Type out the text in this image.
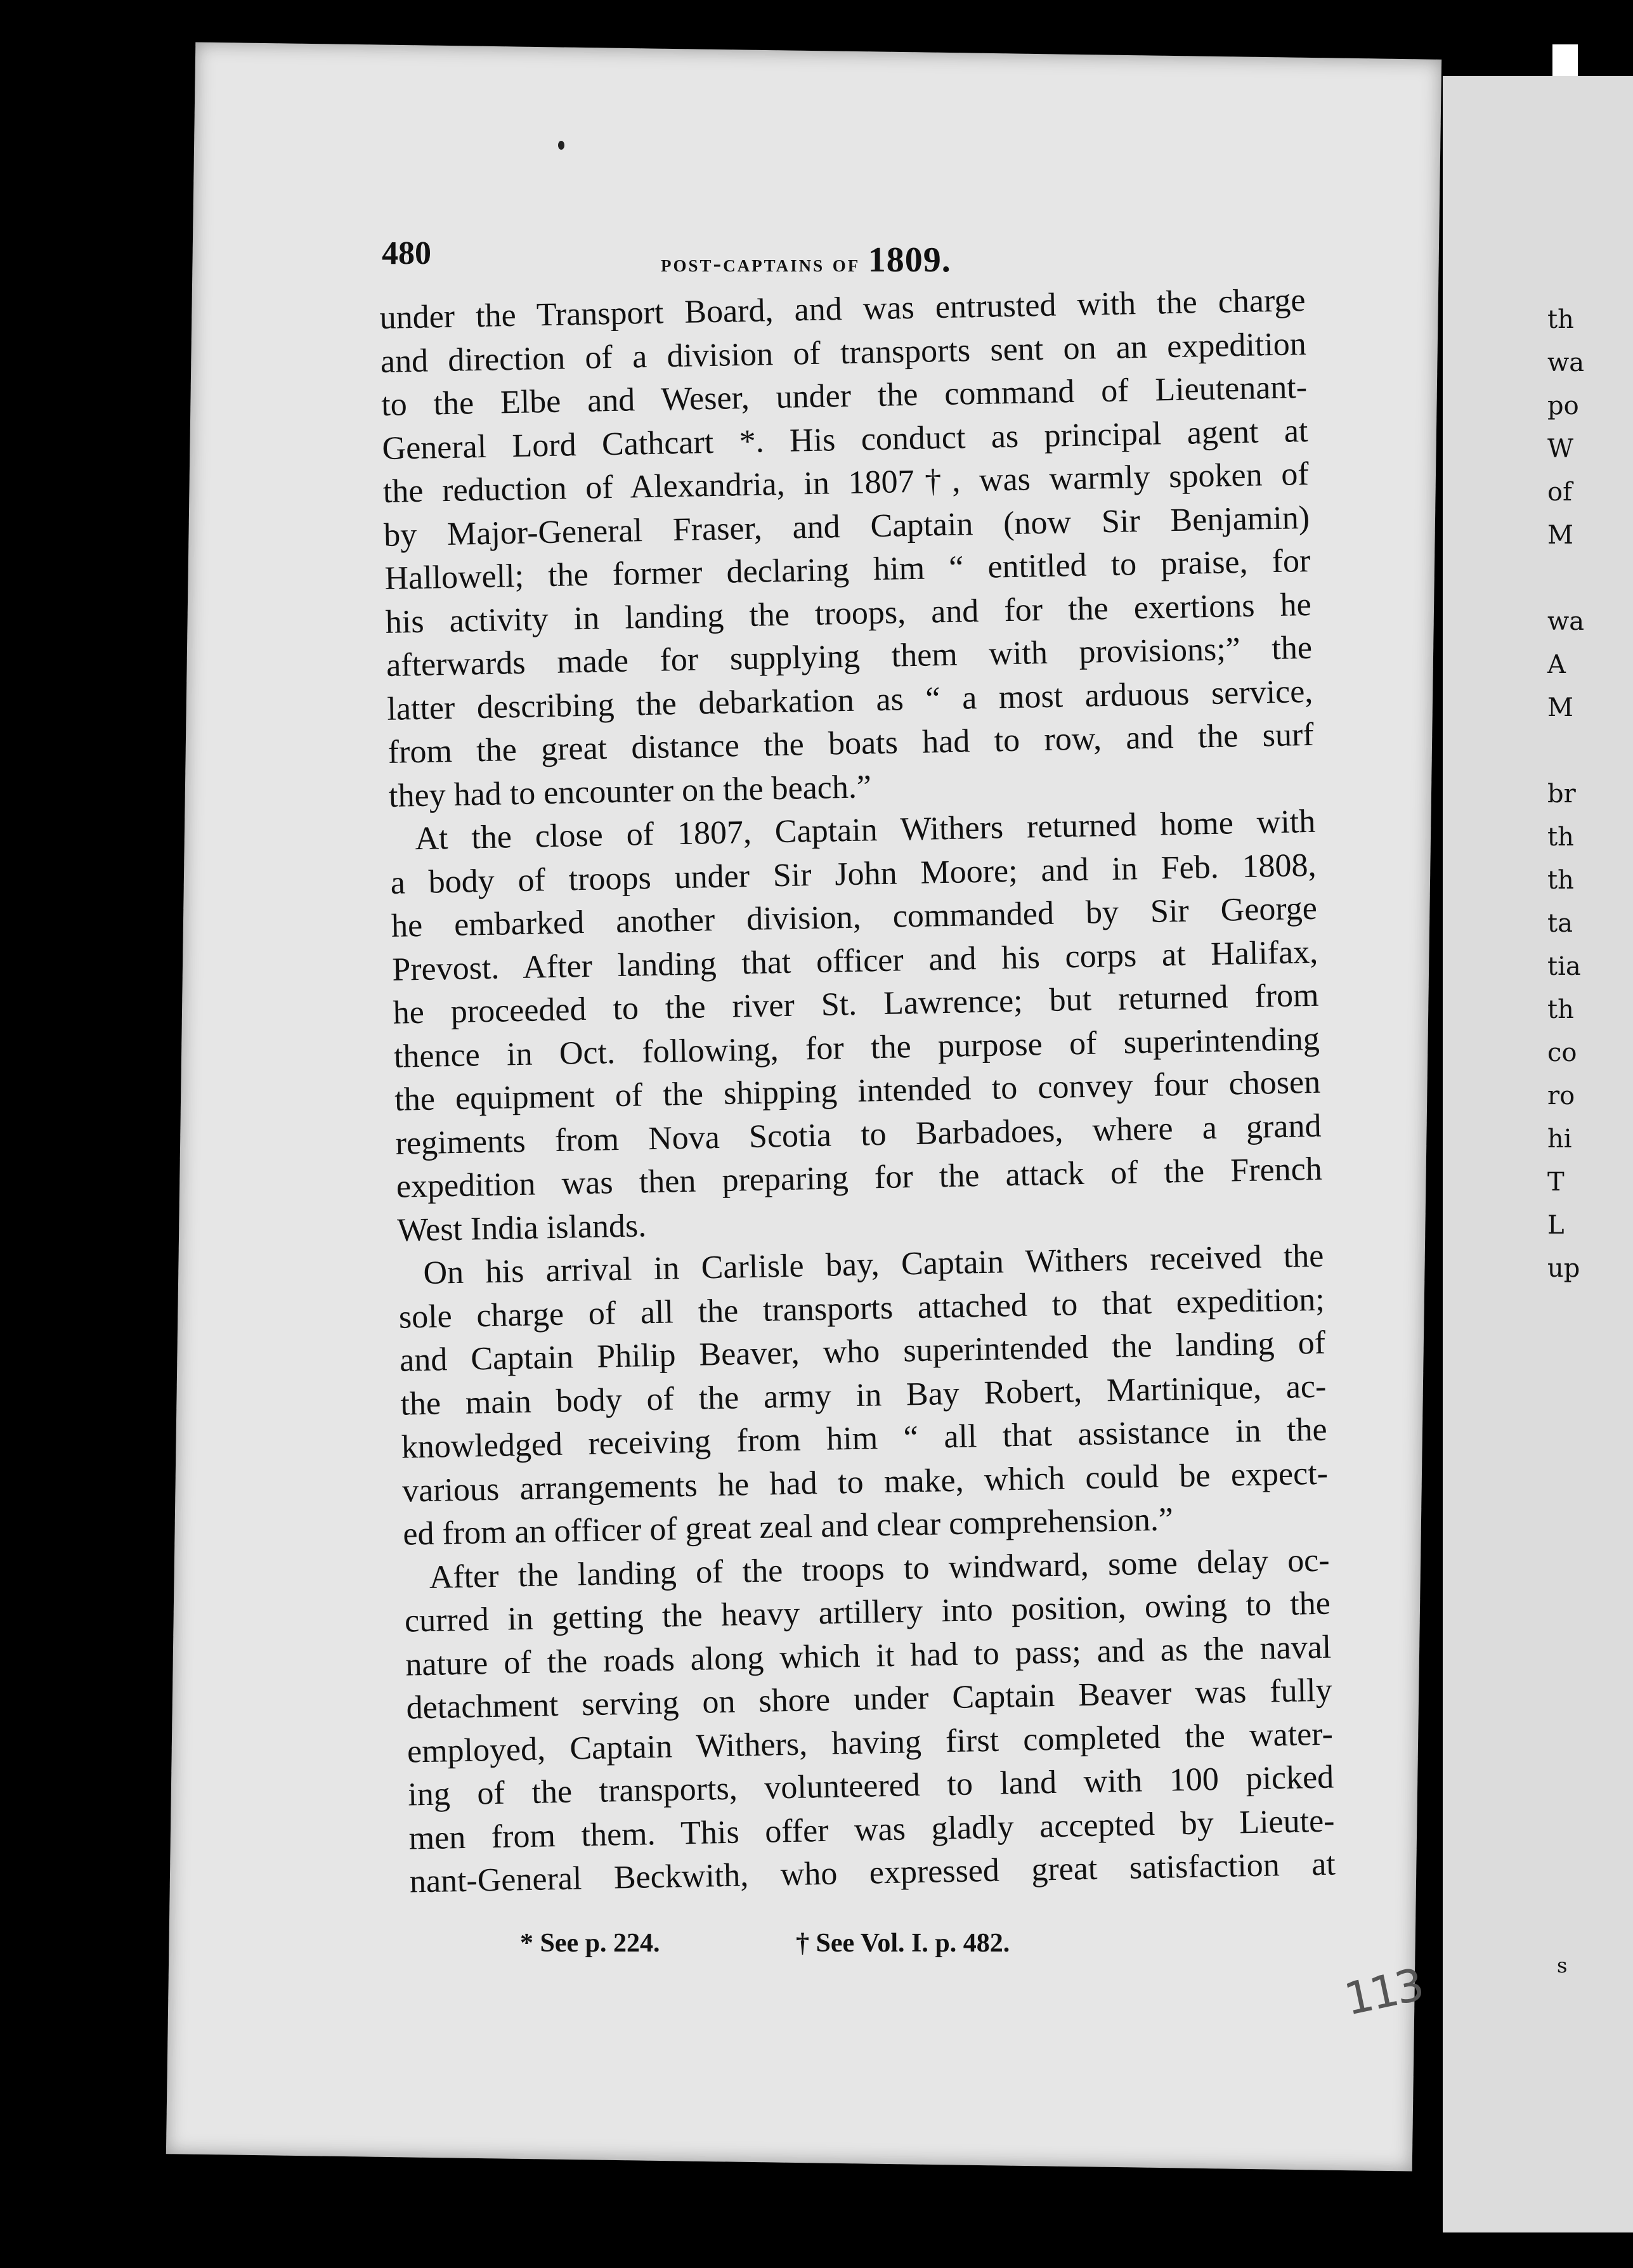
480	post-captains of 1809.
under the Transport Board, and was entrusted with the charge
and direction of a division of transports sent on an expedition
to the Elbe and Weser, under the command of Lieutenant-
General Lord Cathcart *. His conduct as principal agent at
the reduction of Alexandria, in 1807†, was warmly spoken of
by Major-General Fraser, and Captain (now Sir Benjamin)
Hallowell; the former declaring him “ entitled to praise, for
his activity in landing the troops, and for the exertions he
afterwards made for supplying them with provisions;” the
latter describing the debarkation as “ a most arduous service,
from the great distance the boats had to row, and the surf
they had to encounter on the beach.”
At the close of 1807, Captain Withers returned home with
a body of troops under Sir John Moore; and in Feb. 1808,
he embarked another division, commanded by Sir George
Prevost. After landing that officer and his corps at Halifax,
he proceeded to the river St. Lawrence; but returned from
thence in Oct. following, for the purpose of superintending
the equipment of the shipping intended to convey four chosen
regiments from Nova Scotia to Barbadoes, where a grand
expedition was then preparing for the attack of the French
West India islands.
On his arrival in Carlisle bay, Captain Withers received the
sole charge of all the transports attached to that expedition;
and Captain Philip Beaver, who superintended the landing of
the main body of the army in Bay Robert, Martinique, ac-
knowledged receiving from him “ all that assistance in the
various arrangements he had to make, which could be expect-
ed from an officer of great zeal and clear comprehension.”
After the landing of the troops to windward, some delay oc-
curred in getting the heavy artillery into position, owing to the
nature of the roads along which it had to pass; and as the naval
detachment serving on shore under Captain Beaver was fully
employed, Captain Withers, having first completed the water-
ing of the transports, volunteered to land with 100 picked
men from them. This offer was gladly accepted by Lieute-
nant-General Beckwith, who expressed great satisfaction at
* See p. 224.	† See Vol. I. p. 482.
th
wa
po
W
of
M
wa
A
M
br
th
th
ta
tia
th
co
ro
hi
T
L
up
s
113
